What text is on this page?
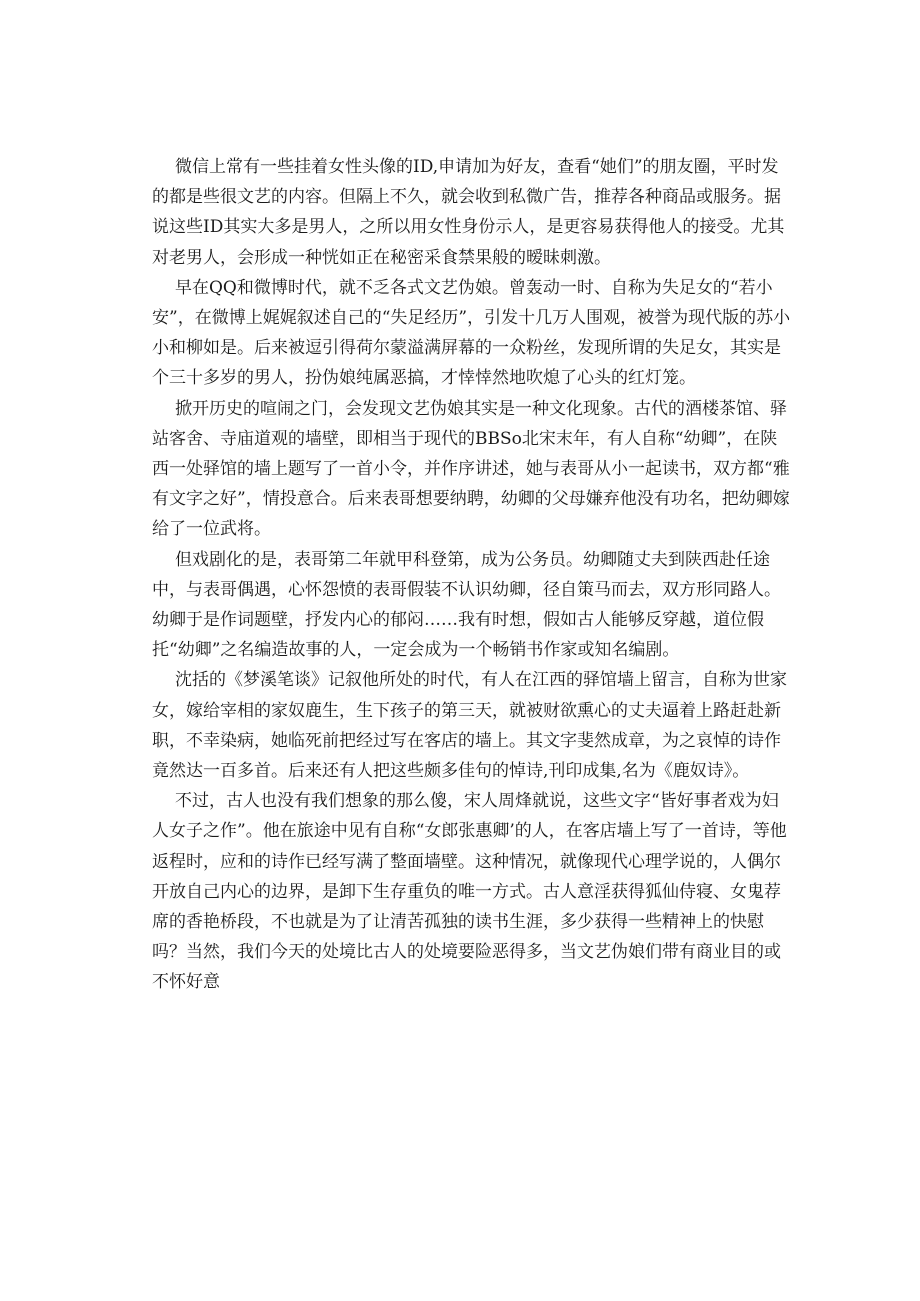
微信上常有一些挂着女性头像的ID,申请加为好友，查看“她们”的朋友圈，平时发的都是些很文艺的内容。但隔上不久，就会收到私微广告，推荐各种商品或服务。据说这些ID其实大多是男人，之所以用女性身份示人，是更容易获得他人的接受。尤其对老男人，会形成一种恍如正在秘密采食禁果般的暧昧刺激。

早在QQ和微博时代，就不乏各式文艺伪娘。曾轰动一时、自称为失足女的“若小安”，在微博上娓娓叙述自己的“失足经历”，引发十几万人围观，被誉为现代版的苏小小和柳如是。后来被逗引得荷尔蒙溢满屏幕的一众粉丝，发现所谓的失足女，其实是个三十多岁的男人，扮伪娘纯属恶搞，才悻悻然地吹熄了心头的红灯笼。

掀开历史的喧闹之门，会发现文艺伪娘其实是一种文化现象。古代的酒楼茶馆、驿站客舍、寺庙道观的墙壁，即相当于现代的BBSo北宋末年，有人自称“幼卿”，在陕西一处驿馆的墙上题写了一首小令，并作序讲述，她与表哥从小一起读书，双方都“雅有文字之好”，情投意合。后来表哥想要纳聘，幼卿的父母嫌弃他没有功名，把幼卿嫁给了一位武将。

但戏剧化的是，表哥第二年就甲科登第，成为公务员。幼卿随丈夫到陕西赴任途中，与表哥偶遇，心怀怨愤的表哥假装不认识幼卿，径自策马而去，双方形同路人。幼卿于是作词题壁，抒发内心的郁闷……我有时想，假如古人能够反穿越，道位假托“幼卿”之名编造故事的人，一定会成为一个畅销书作家或知名编剧。

沈括的《梦溪笔谈》记叙他所处的时代，有人在江西的驿馆墙上留言，自称为世家女，嫁给宰相的家奴鹿生，生下孩子的第三天，就被财欲熏心的丈夫逼着上路赶赴新职，不幸染病，她临死前把经过写在客店的墙上。其文字斐然成章，为之哀悼的诗作竟然达一百多首。后来还有人把这些颇多佳句的悼诗,刊印成集,名为《鹿奴诗》。

不过，古人也没有我们想象的那么傻，宋人周烽就说，这些文字“皆好事者戏为妇人女子之作”。他在旅途中见有自称“女郎张惠卿’的人，在客店墙上写了一首诗，等他返程时，应和的诗作已经写满了整面墙壁。这种情况，就像现代心理学说的，人偶尔开放自己内心的边界，是卸下生存重负的唯一方式。古人意淫获得狐仙侍寝、女鬼荐席的香艳桥段，不也就是为了让清苦孤独的读书生涯，多少获得一些精神上的快慰吗？当然，我们今天的处境比古人的处境要险恶得多，当文艺伪娘们带有商业目的或不怀好意
